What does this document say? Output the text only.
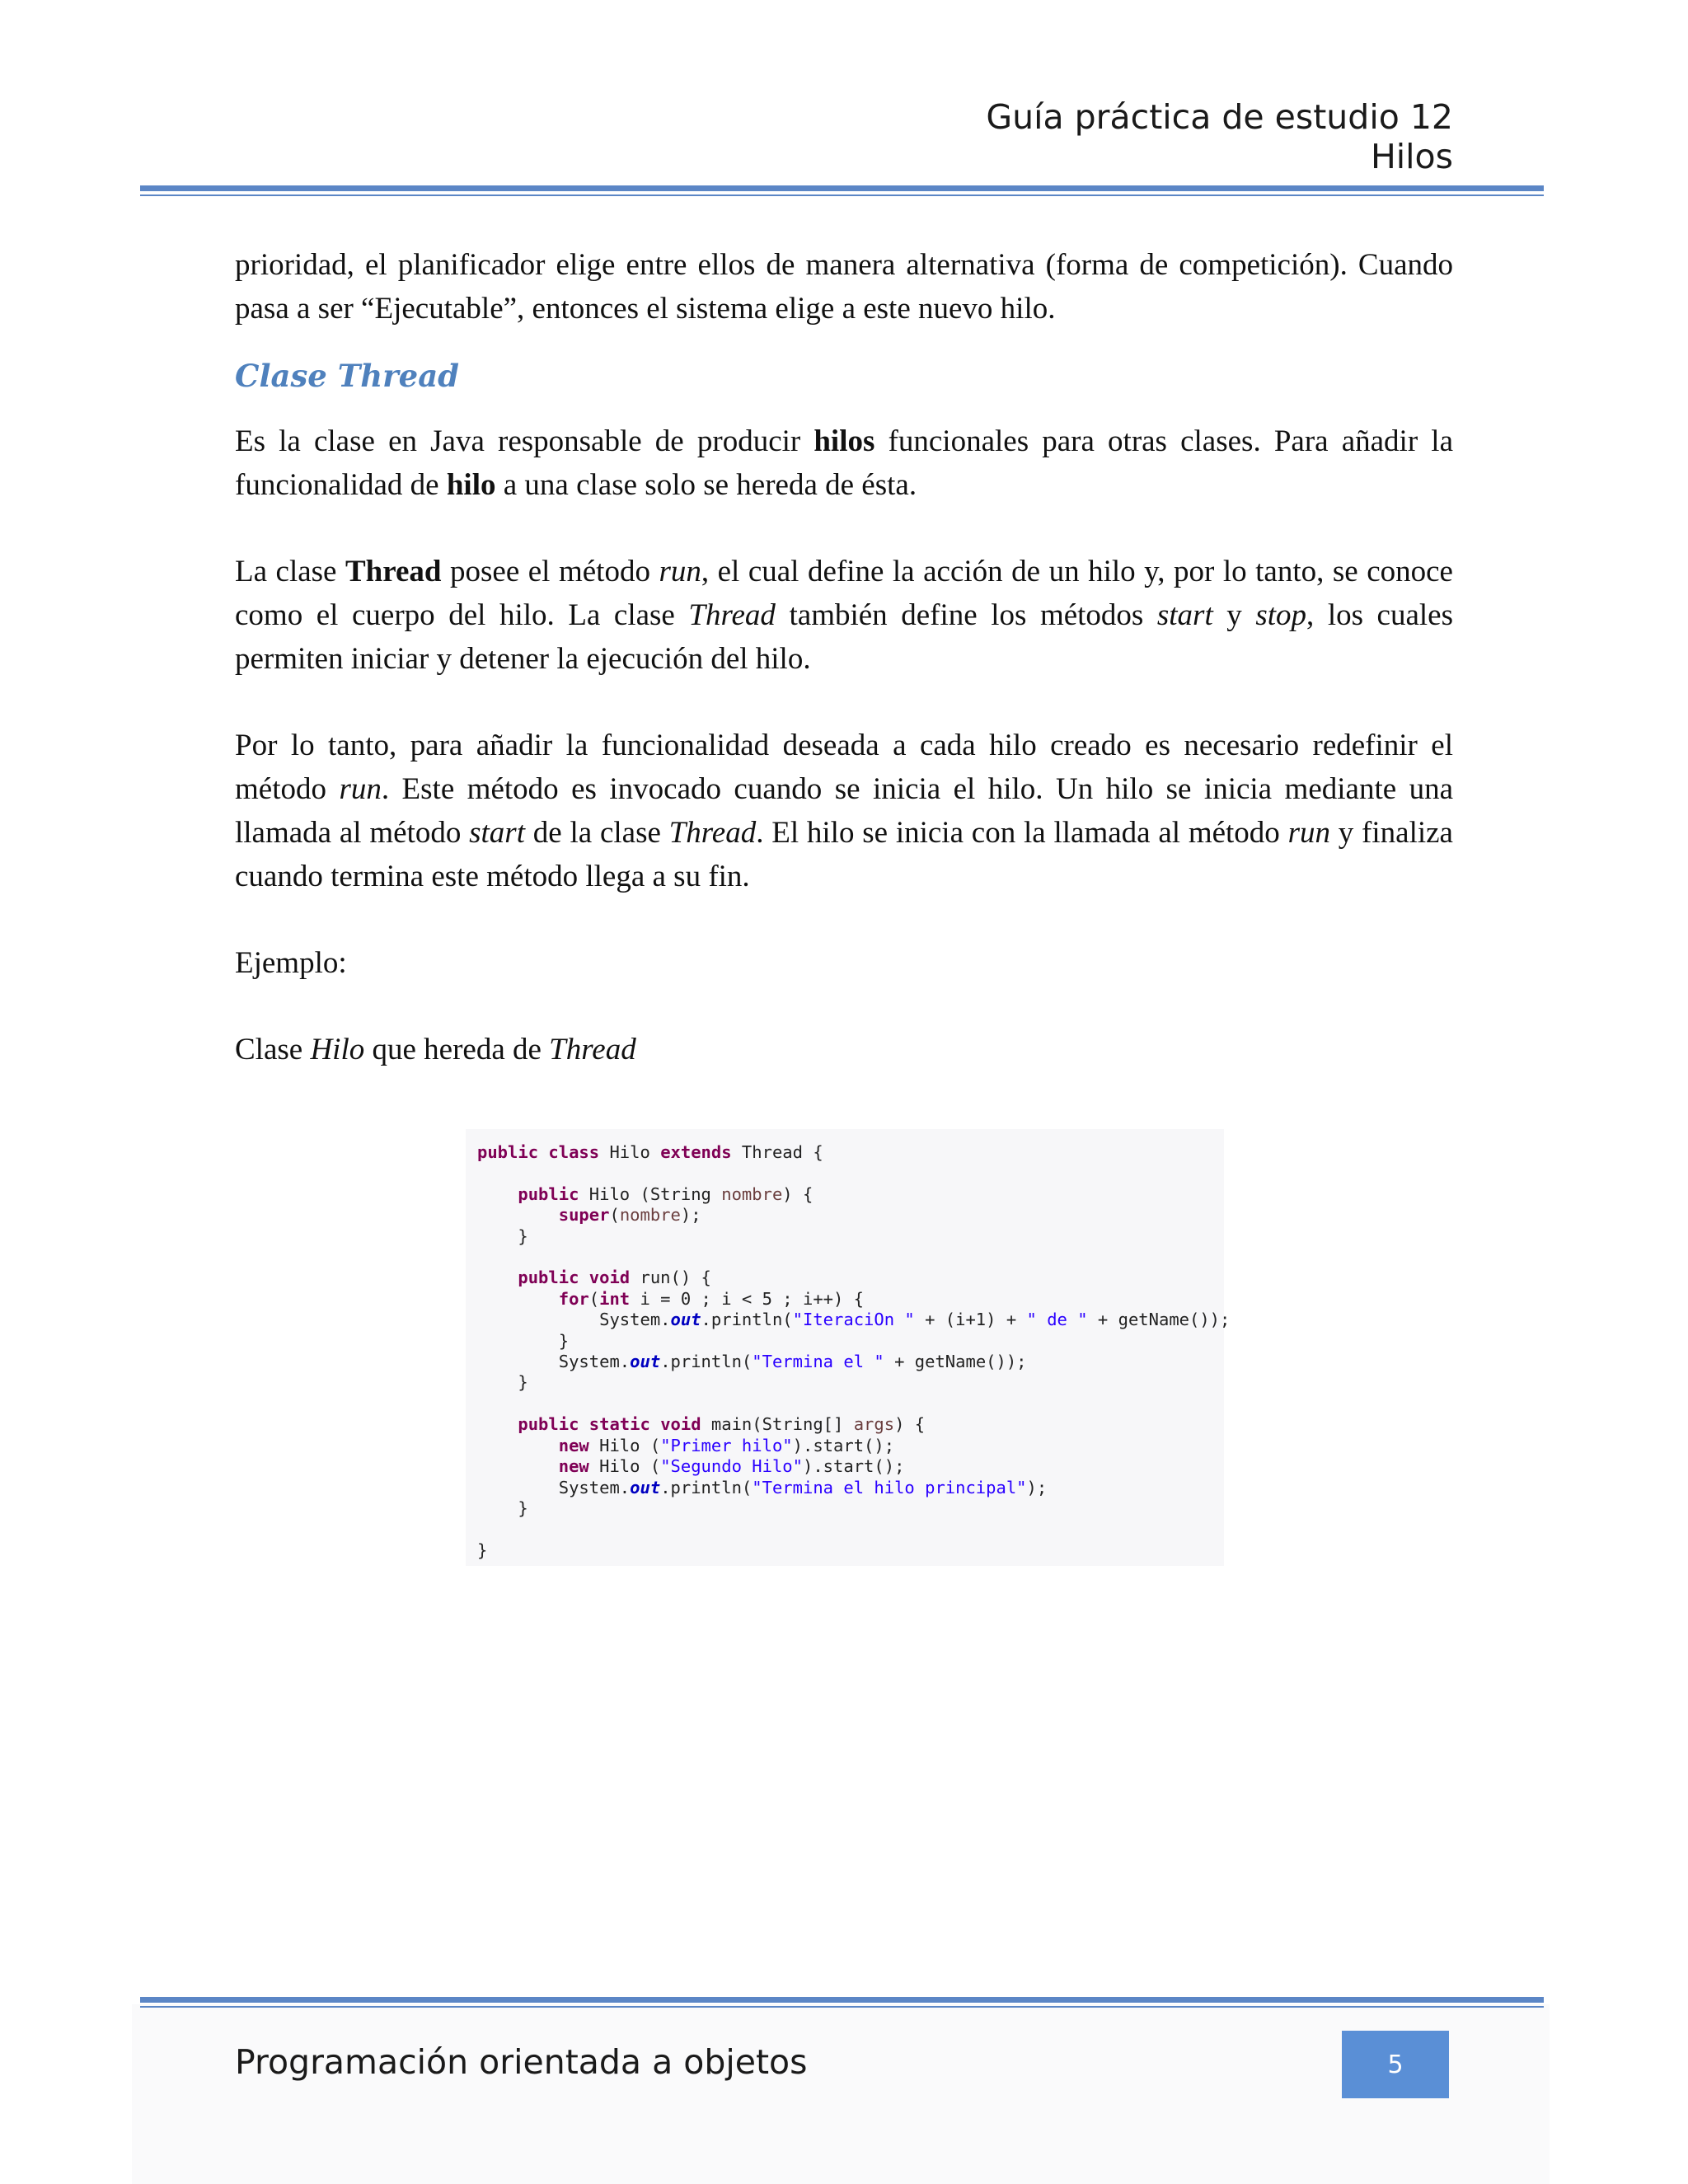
Guía práctica de estudio 12
Hilos

prioridad, el planificador elige entre ellos de manera alternativa (forma de competición). Cuando pasa a ser “Ejecutable”, entonces el sistema elige a este nuevo hilo.

Clase Thread

Es la clase en Java responsable de producir hilos funcionales para otras clases. Para añadir la funcionalidad de hilo a una clase solo se hereda de ésta.

La clase Thread posee el método run, el cual define la acción de un hilo y, por lo tanto, se conoce como el cuerpo del hilo. La clase Thread también define los métodos start y stop, los cuales permiten iniciar y detener la ejecución del hilo.

Por lo tanto, para añadir la funcionalidad deseada a cada hilo creado es necesario redefinir el método run. Este método es invocado cuando se inicia el hilo. Un hilo se inicia mediante una llamada al método start de la clase Thread. El hilo se inicia con la llamada al método run y finaliza cuando termina este método llega a su fin.

Ejemplo:

Clase Hilo que hereda de Thread

public class Hilo extends Thread {

public Hilo (String nombre) {
super(nombre);
}

public void run() {
for(int i = 0 ; i < 5 ; i++) {
System.out.println("IteraciOn " + (i+1) + " de " + getName());
}
System.out.println("Termina el " + getName());
}

public static void main(String[] args) {
new Hilo ("Primer hilo").start();
new Hilo ("Segundo Hilo").start();
System.out.println("Termina el hilo principal");
}

}
Programación orientada a objetos	5
